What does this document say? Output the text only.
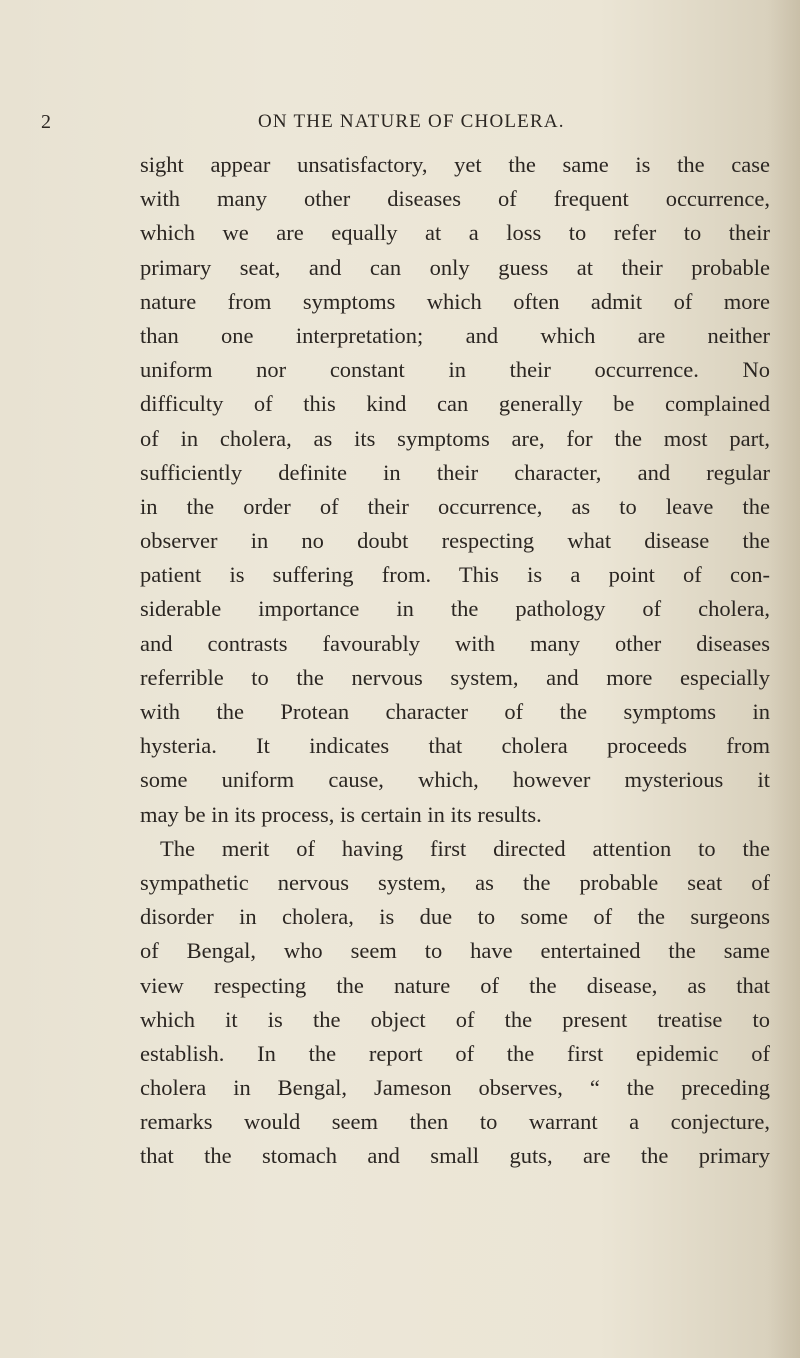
2	ON THE NATURE OF CHOLERA.
sight appear unsatisfactory, yet the same is the case
with many other diseases of frequent occurrence,
which we are equally at a loss to refer to their
primary seat, and can only guess at their probable
nature from symptoms which often admit of more
than one interpretation; and which are neither
uniform nor constant in their occurrence. No
difficulty of this kind can generally be complained
of in cholera, as its symptoms are, for the most part,
sufficiently definite in their character, and regular
in the order of their occurrence, as to leave the
observer in no doubt respecting what disease the
patient is suffering from. This is a point of con-
siderable importance in the pathology of cholera,
and contrasts favourably with many other diseases
referrible to the nervous system, and more especially
with the Protean character of the symptoms in
hysteria. It indicates that cholera proceeds from
some uniform cause, which, however mysterious it
may be in its process, is certain in its results.
The merit of having first directed attention to the
sympathetic nervous system, as the probable seat of
disorder in cholera, is due to some of the surgeons
of Bengal, who seem to have entertained the same
view respecting the nature of the disease, as that
which it is the object of the present treatise to
establish. In the report of the first epidemic of
cholera in Bengal, Jameson observes, “ the preceding
remarks would seem then to warrant a conjecture,
that the stomach and small guts, are the primary
